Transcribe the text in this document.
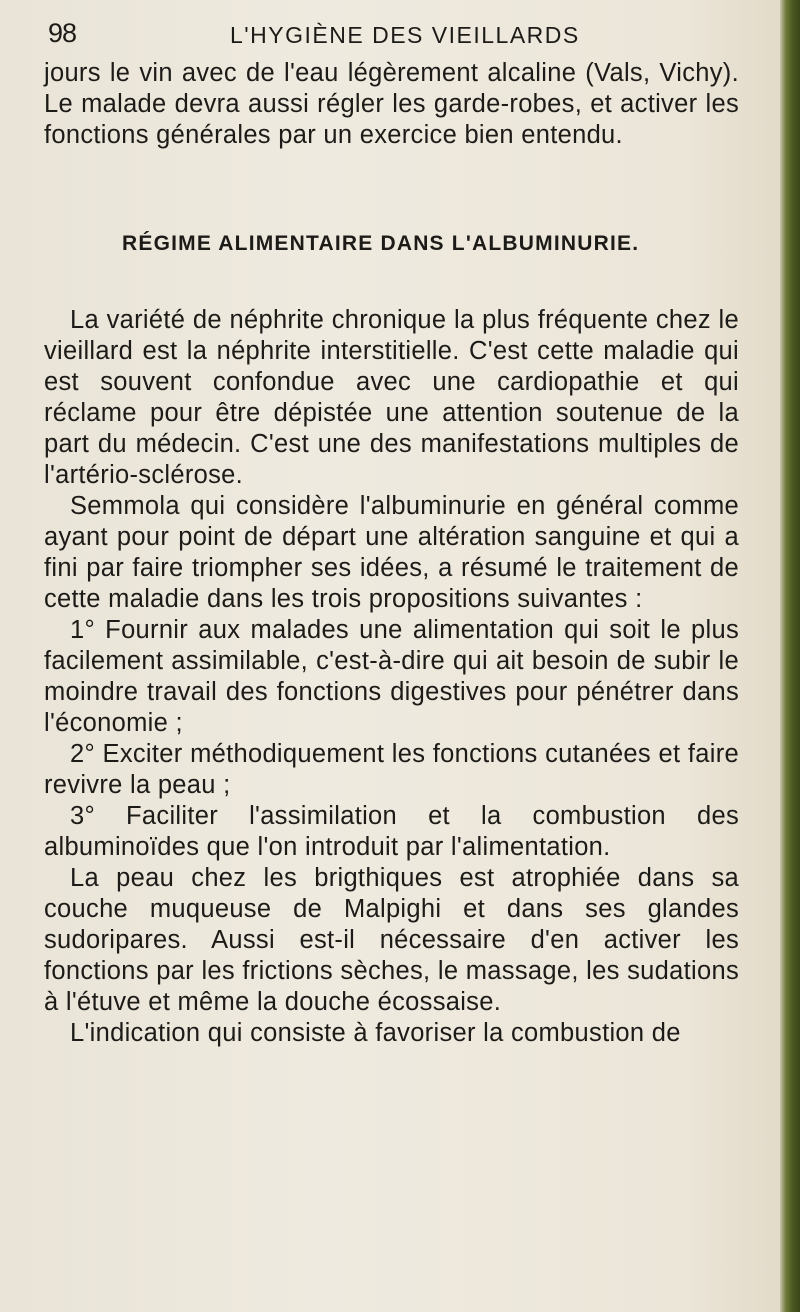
98	L'HYGIÈNE DES VIEILLARDS

jours le vin avec de l'eau légèrement alcaline (Vals, Vichy). Le malade devra aussi régler les garde-robes, et activer les fonctions générales par un exercice bien entendu.

RÉGIME ALIMENTAIRE DANS L'ALBUMINURIE.

La variété de néphrite chronique la plus fréquente chez le vieillard est la néphrite interstitielle. C'est cette maladie qui est souvent confondue avec une cardiopathie et qui réclame pour être dépistée une attention soutenue de la part du médecin. C'est une des manifestations multiples de l'artério-sclérose.

Semmola qui considère l'albuminurie en général comme ayant pour point de départ une altération sanguine et qui a fini par faire triompher ses idées, a résumé le traitement de cette maladie dans les trois propositions suivantes :

1° Fournir aux malades une alimentation qui soit le plus facilement assimilable, c'est-à-dire qui ait besoin de subir le moindre travail des fonctions digestives pour pénétrer dans l'économie ;

2° Exciter méthodiquement les fonctions cutanées et faire revivre la peau ;

3° Faciliter l'assimilation et la combustion des albuminoïdes que l'on introduit par l'alimentation.

La peau chez les brigthiques est atrophiée dans sa couche muqueuse de Malpighi et dans ses glandes sudoripares. Aussi est-il nécessaire d'en activer les fonctions par les frictions sèches, le massage, les sudations à l'étuve et même la douche écossaise.

L'indication qui consiste à favoriser la combustion de
